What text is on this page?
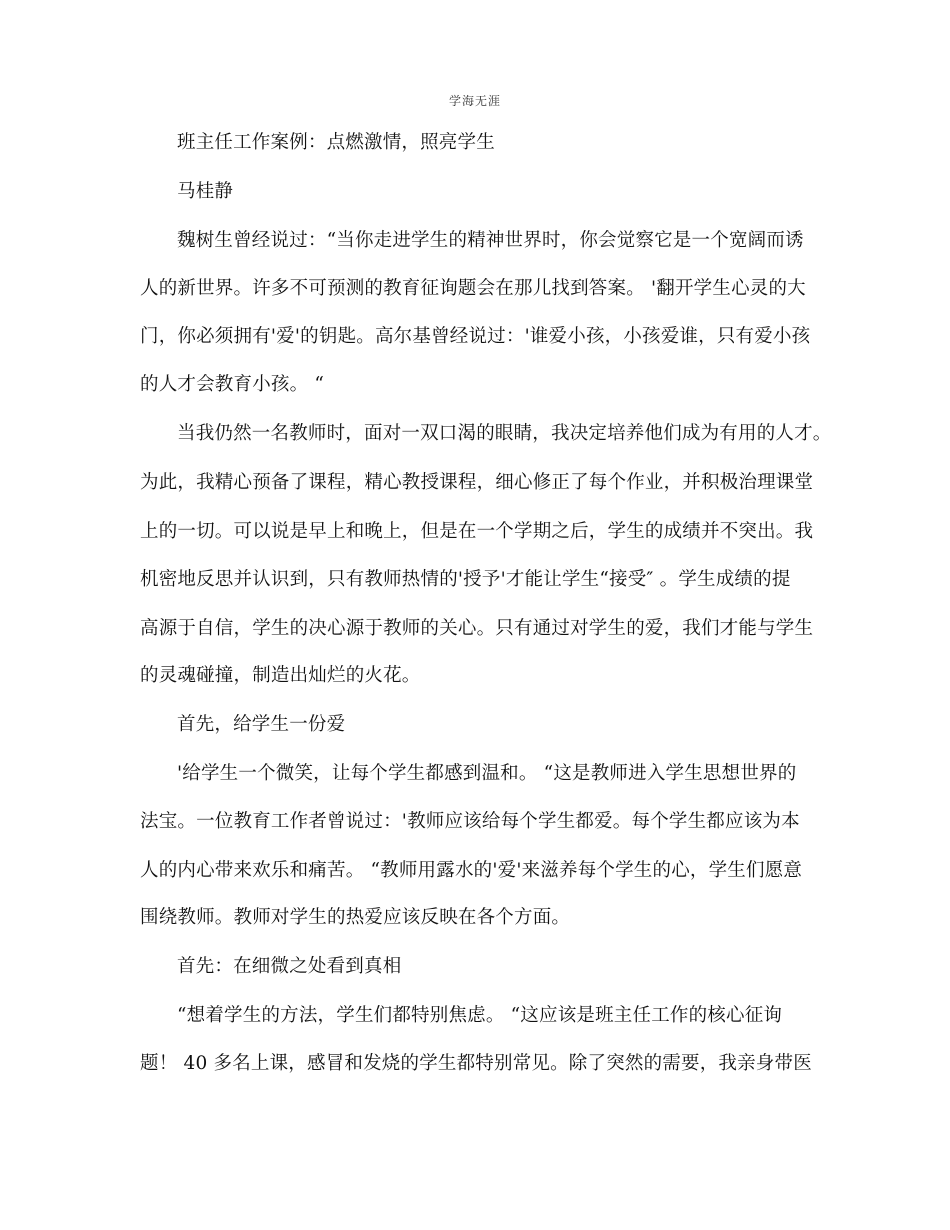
学海无涯
班主任工作案例：点燃激情，照亮学生
马桂静
魏树生曾经说过：“当你走进学生的精神世界时，你会觉察它是一个宽阔而诱
人的新世界。许多不可预测的教育征询题会在那儿找到答案。 '翻开学生心灵的大
门，你必须拥有'爱'的钥匙。高尔基曾经说过：'谁爱小孩，小孩爱谁，只有爱小孩
的人才会教育小孩。 “
当我仍然一名教师时，面对一双口渴的眼睛，我决定培养他们成为有用的人才。
为此，我精心预备了课程，精心教授课程，细心修正了每个作业，并积极治理课堂
上的一切。可以说是早上和晚上，但是在一个学期之后，学生的成绩并不突出。我
机密地反思并认识到，只有教师热情的'授予'才能让学生“接受″ 。学生成绩的提
高源于自信，学生的决心源于教师的关心。只有通过对学生的爱，我们才能与学生
的灵魂碰撞，制造出灿烂的火花。
首先，给学生一份爱
'给学生一个微笑，让每个学生都感到温和。 “这是教师进入学生思想世界的
法宝。一位教育工作者曾说过：'教师应该给每个学生都爱。每个学生都应该为本
人的内心带来欢乐和痛苦。 “教师用露水的'爱'来滋养每个学生的心，学生们愿意
围绕教师。教师对学生的热爱应该反映在各个方面。
首先：在细微之处看到真相
“想着学生的方法，学生们都特别焦虑。 “这应该是班主任工作的核心征询
题！ 40 多名上课，感冒和发烧的学生都特别常见。除了突然的需要，我亲身带医
